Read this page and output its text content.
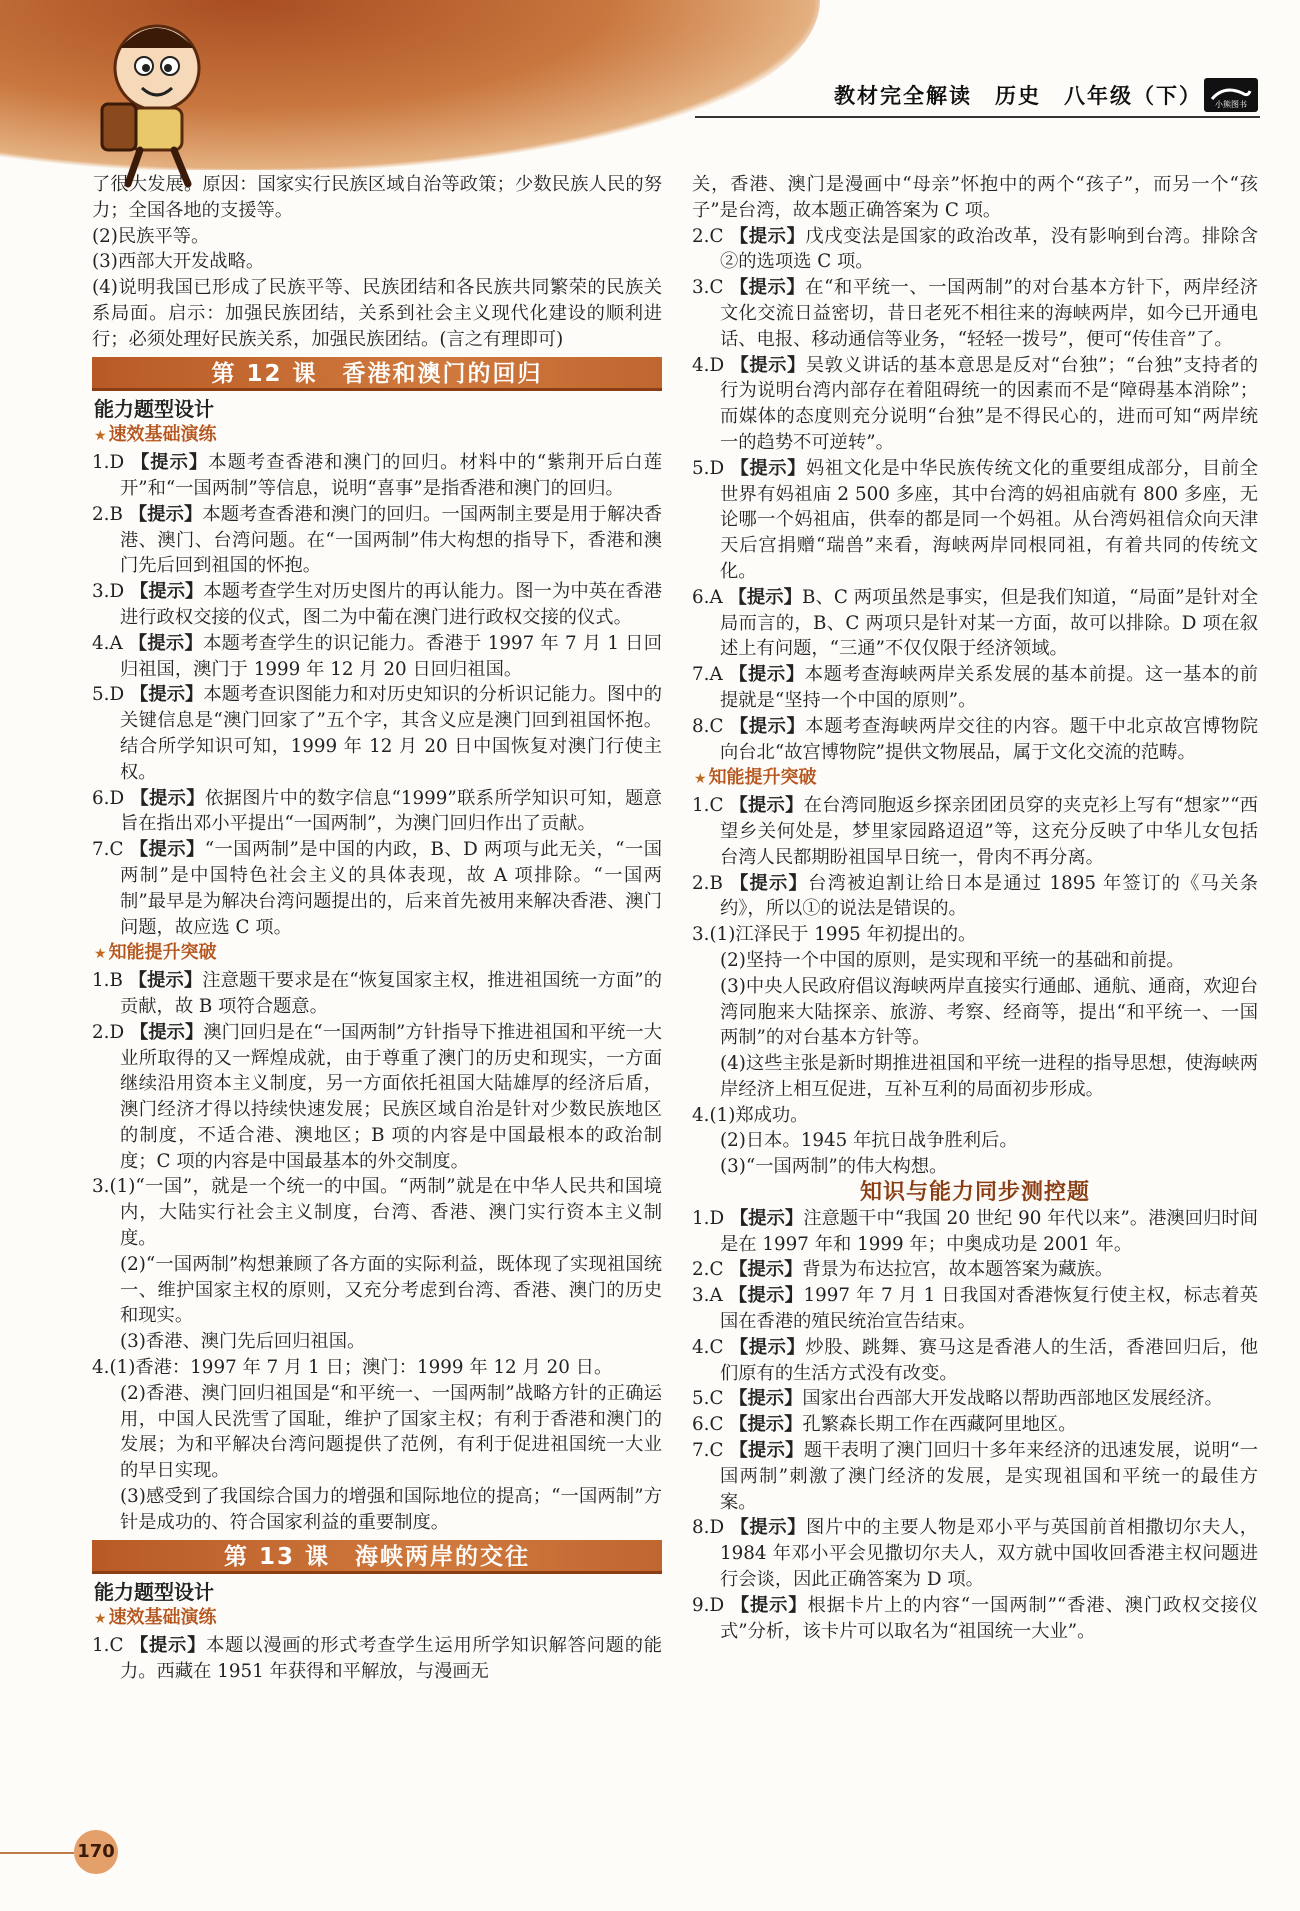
教材完全解读　历史　八年级（下）	小熊图书

了很大发展。原因：国家实行民族区域自治等政策；少数民族人民的努力；全国各地的支援等。

(2)民族平等。

(3)西部大开发战略。

(4)说明我国已形成了民族平等、民族团结和各民族共同繁荣的民族关系局面。启示：加强民族团结，关系到社会主义现代化建设的顺利进行；必须处理好民族关系，加强民族团结。(言之有理即可)

第 12 课　香港和澳门的回归
能力题型设计
★ 速效基础演练

1.D 【提示】本题考查香港和澳门的回归。材料中的“紫荆开后白莲开”和“一国两制”等信息，说明“喜事”是指香港和澳门的回归。

2.B 【提示】本题考查香港和澳门的回归。一国两制主要是用于解决香港、澳门、台湾问题。在“一国两制”伟大构想的指导下，香港和澳门先后回到祖国的怀抱。

3.D 【提示】本题考查学生对历史图片的再认能力。图一为中英在香港进行政权交接的仪式，图二为中葡在澳门进行政权交接的仪式。

4.A 【提示】本题考查学生的识记能力。香港于 1997 年 7 月 1 日回归祖国，澳门于 1999 年 12 月 20 日回归祖国。

5.D 【提示】本题考查识图能力和对历史知识的分析识记能力。图中的关键信息是“澳门回家了”五个字，其含义应是澳门回到祖国怀抱。结合所学知识可知，1999 年 12 月 20 日中国恢复对澳门行使主权。

6.D 【提示】依据图片中的数字信息“1999”联系所学知识可知，题意旨在指出邓小平提出“一国两制”，为澳门回归作出了贡献。

7.C 【提示】“一国两制”是中国的内政，B、D 两项与此无关，“一国两制”是中国特色社会主义的具体表现，故 A 项排除。“一国两制”最早是为解决台湾问题提出的，后来首先被用来解决香港、澳门问题，故应选 C 项。

★ 知能提升突破

1.B 【提示】注意题干要求是在“恢复国家主权，推进祖国统一方面”的贡献，故 B 项符合题意。

2.D 【提示】澳门回归是在“一国两制”方针指导下推进祖国和平统一大业所取得的又一辉煌成就，由于尊重了澳门的历史和现实，一方面继续沿用资本主义制度，另一方面依托祖国大陆雄厚的经济后盾，澳门经济才得以持续快速发展；民族区域自治是针对少数民族地区的制度，不适合港、澳地区；B 项的内容是中国最根本的政治制度；C 项的内容是中国最基本的外交制度。

3.(1)“一国”，就是一个统一的中国。“两制”就是在中华人民共和国境内，大陆实行社会主义制度，台湾、香港、澳门实行资本主义制度。

(2)“一国两制”构想兼顾了各方面的实际利益，既体现了实现祖国统一、维护国家主权的原则，又充分考虑到台湾、香港、澳门的历史和现实。

(3)香港、澳门先后回归祖国。

4.(1)香港：1997 年 7 月 1 日；澳门：1999 年 12 月 20 日。

(2)香港、澳门回归祖国是“和平统一、一国两制”战略方针的正确运用，中国人民洗雪了国耻，维护了国家主权；有利于香港和澳门的发展；为和平解决台湾问题提供了范例，有利于促进祖国统一大业的早日实现。

(3)感受到了我国综合国力的增强和国际地位的提高；“一国两制”方针是成功的、符合国家利益的重要制度。

第 13 课　海峡两岸的交往
能力题型设计
★ 速效基础演练

1.C 【提示】本题以漫画的形式考查学生运用所学知识解答问题的能力。西藏在 1951 年获得和平解放，与漫画无

关，香港、澳门是漫画中“母亲”怀抱中的两个“孩子”，而另一个“孩子”是台湾，故本题正确答案为 C 项。

2.C 【提示】戊戌变法是国家的政治改革，没有影响到台湾。排除含②的选项选 C 项。

3.C 【提示】在“和平统一、一国两制”的对台基本方针下，两岸经济文化交流日益密切，昔日老死不相往来的海峡两岸，如今已开通电话、电报、移动通信等业务，“轻轻一拨号”，便可“传佳音”了。

4.D 【提示】吴敦义讲话的基本意思是反对“台独”；“台独”支持者的行为说明台湾内部存在着阻碍统一的因素而不是“障碍基本消除”；而媒体的态度则充分说明“台独”是不得民心的，进而可知“两岸统一的趋势不可逆转”。

5.D 【提示】妈祖文化是中华民族传统文化的重要组成部分，目前全世界有妈祖庙 2 500 多座，其中台湾的妈祖庙就有 800 多座，无论哪一个妈祖庙，供奉的都是同一个妈祖。从台湾妈祖信众向天津天后宫捐赠“瑞兽”来看，海峡两岸同根同祖，有着共同的传统文化。

6.A 【提示】B、C 两项虽然是事实，但是我们知道，“局面”是针对全局而言的，B、C 两项只是针对某一方面，故可以排除。D 项在叙述上有问题，“三通”不仅仅限于经济领域。

7.A 【提示】本题考查海峡两岸关系发展的基本前提。这一基本的前提就是“坚持一个中国的原则”。

8.C 【提示】本题考查海峡两岸交往的内容。题干中北京故宫博物院向台北“故宫博物院”提供文物展品，属于文化交流的范畴。

★ 知能提升突破

1.C 【提示】在台湾同胞返乡探亲团团员穿的夹克衫上写有“想家”“西望乡关何处是，梦里家园路迢迢”等，这充分反映了中华儿女包括台湾人民都期盼祖国早日统一，骨肉不再分离。

2.B 【提示】台湾被迫割让给日本是通过 1895 年签订的《马关条约》，所以①的说法是错误的。

3.(1)江泽民于 1995 年初提出的。

(2)坚持一个中国的原则，是实现和平统一的基础和前提。

(3)中央人民政府倡议海峡两岸直接实行通邮、通航、通商，欢迎台湾同胞来大陆探亲、旅游、考察、经商等，提出“和平统一、一国两制”的对台基本方针等。

(4)这些主张是新时期推进祖国和平统一进程的指导思想，使海峡两岸经济上相互促进，互补互利的局面初步形成。

4.(1)郑成功。

(2)日本。1945 年抗日战争胜利后。

(3)“一国两制”的伟大构想。

知识与能力同步测控题

1.D 【提示】注意题干中“我国 20 世纪 90 年代以来”。港澳回归时间是在 1997 年和 1999 年；中奥成功是 2001 年。

2.C 【提示】背景为布达拉宫，故本题答案为藏族。

3.A 【提示】1997 年 7 月 1 日我国对香港恢复行使主权，标志着英国在香港的殖民统治宣告结束。

4.C 【提示】炒股、跳舞、赛马这是香港人的生活，香港回归后，他们原有的生活方式没有改变。

5.C 【提示】国家出台西部大开发战略以帮助西部地区发展经济。

6.C 【提示】孔繁森长期工作在西藏阿里地区。

7.C 【提示】题干表明了澳门回归十多年来经济的迅速发展，说明“一国两制”刺激了澳门经济的发展，是实现祖国和平统一的最佳方案。

8.D 【提示】图片中的主要人物是邓小平与英国前首相撒切尔夫人，1984 年邓小平会见撒切尔夫人，双方就中国收回香港主权问题进行会谈，因此正确答案为 D 项。

9.D 【提示】根据卡片上的内容“一国两制”“香港、澳门政权交接仪式”分析，该卡片可以取名为“祖国统一大业”。

170
